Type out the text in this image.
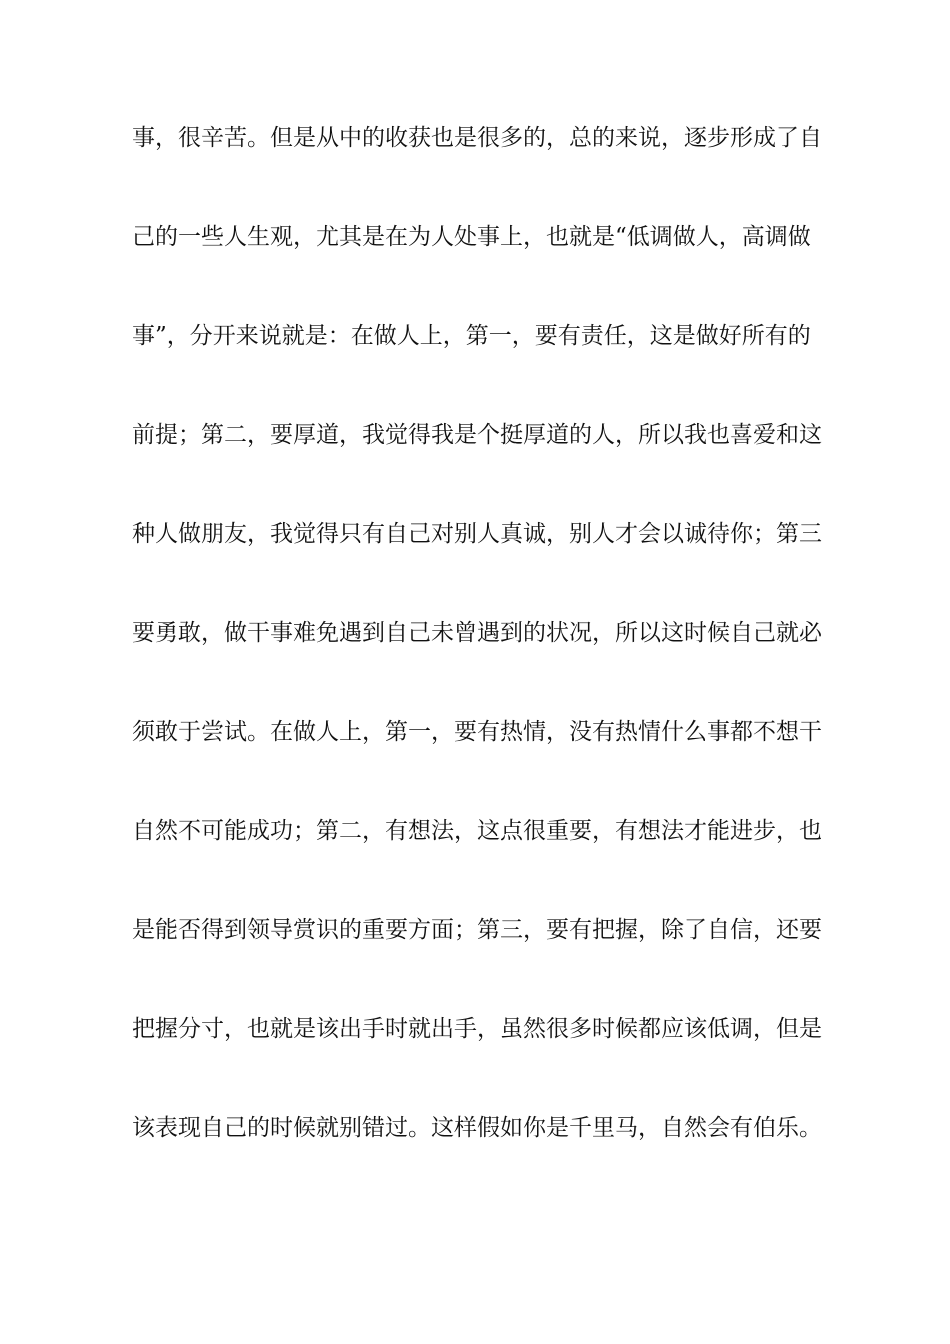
事，很辛苦。但是从中的收获也是很多的，总的来说，逐步形成了自
己的一些人生观，尤其是在为人处事上，也就是“低调做人，高调做
事”，分开来说就是：在做人上，第一，要有责任，这是做好所有的
前提；第二，要厚道，我觉得我是个挺厚道的人，所以我也喜爱和这
种人做朋友，我觉得只有自己对别人真诚，别人才会以诚待你；第三
要勇敢，做干事难免遇到自己未曾遇到的状况，所以这时候自己就必
须敢于尝试。在做人上，第一，要有热情，没有热情什么事都不想干
自然不可能成功；第二，有想法，这点很重要，有想法才能进步，也
是能否得到领导赏识的重要方面；第三，要有把握，除了自信，还要
把握分寸，也就是该出手时就出手，虽然很多时候都应该低调，但是
该表现自己的时候就别错过。这样假如你是千里马，自然会有伯乐。
